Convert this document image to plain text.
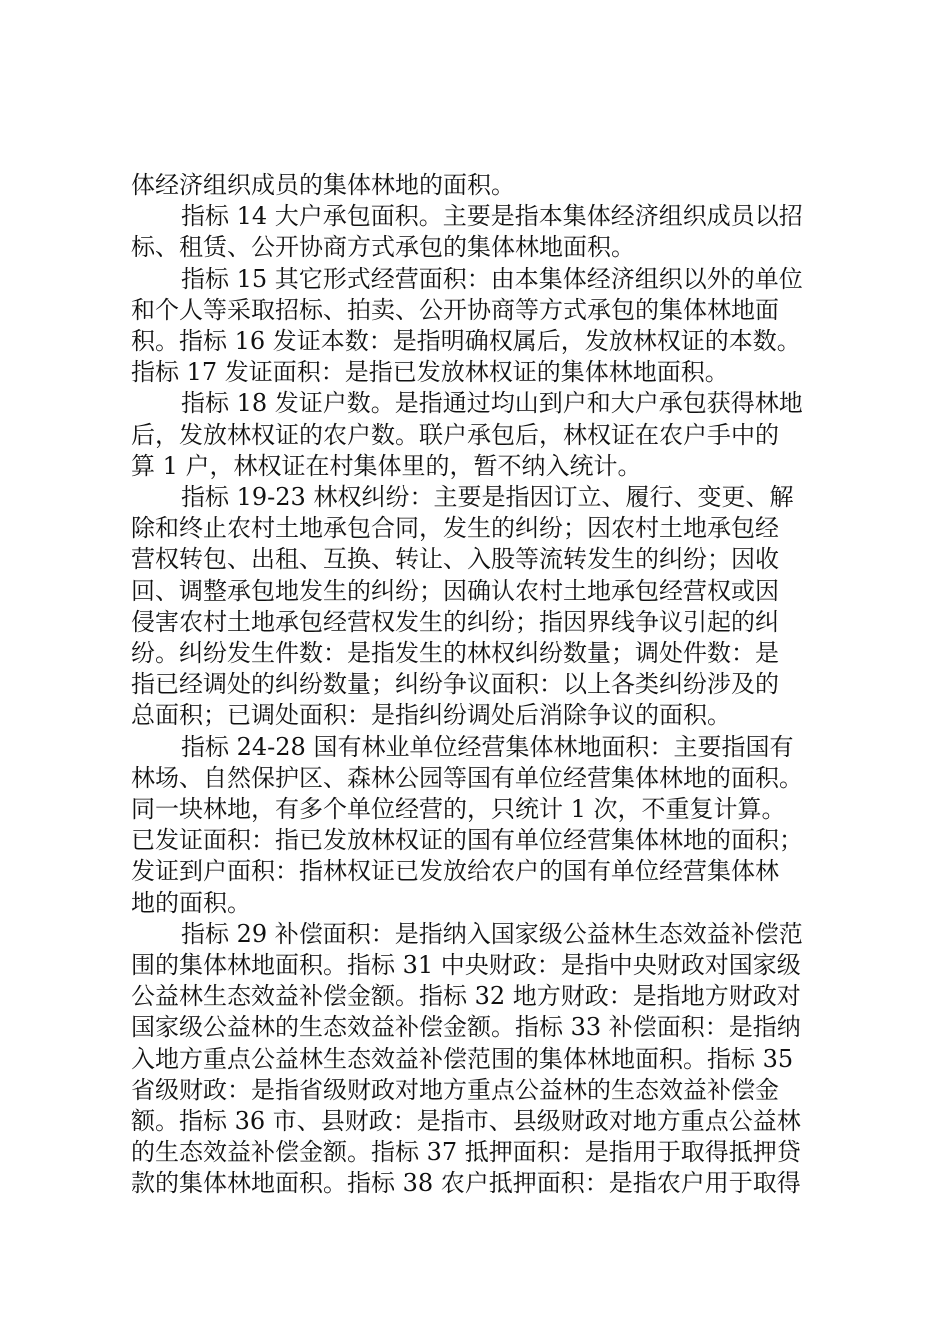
体经济组织成员的集体林地的面积。
指标 14 大户承包面积。主要是指本集体经济组织成员以招
标、租赁、公开协商方式承包的集体林地面积。
指标 15 其它形式经营面积：由本集体经济组织以外的单位
和个人等采取招标、拍卖、公开协商等方式承包的集体林地面
积。指标 16 发证本数：是指明确权属后，发放林权证的本数。
指标 17 发证面积：是指已发放林权证的集体林地面积。
指标 18 发证户数。是指通过均山到户和大户承包获得林地
后，发放林权证的农户数。联户承包后，林权证在农户手中的
算 1 户，林权证在村集体里的，暂不纳入统计。
指标 19-23 林权纠纷：主要是指因订立、履行、变更、解
除和终止农村土地承包合同，发生的纠纷；因农村土地承包经
营权转包、出租、互换、转让、入股等流转发生的纠纷；因收
回、调整承包地发生的纠纷；因确认农村土地承包经营权或因
侵害农村土地承包经营权发生的纠纷；指因界线争议引起的纠
纷。纠纷发生件数：是指发生的林权纠纷数量；调处件数：是
指已经调处的纠纷数量；纠纷争议面积：以上各类纠纷涉及的
总面积；已调处面积：是指纠纷调处后消除争议的面积。
指标 24-28 国有林业单位经营集体林地面积：主要指国有
林场、自然保护区、森林公园等国有单位经营集体林地的面积。
同一块林地，有多个单位经营的，只统计 1 次，不重复计算。
已发证面积：指已发放林权证的国有单位经营集体林地的面积；
发证到户面积：指林权证已发放给农户的国有单位经营集体林
地的面积。
指标 29 补偿面积：是指纳入国家级公益林生态效益补偿范
围的集体林地面积。指标 31 中央财政：是指中央财政对国家级
公益林生态效益补偿金额。指标 32 地方财政：是指地方财政对
国家级公益林的生态效益补偿金额。指标 33 补偿面积：是指纳
入地方重点公益林生态效益补偿范围的集体林地面积。指标 35
省级财政：是指省级财政对地方重点公益林的生态效益补偿金
额。指标 36 市、县财政：是指市、县级财政对地方重点公益林
的生态效益补偿金额。指标 37 抵押面积：是指用于取得抵押贷
款的集体林地面积。指标 38 农户抵押面积：是指农户用于取得
